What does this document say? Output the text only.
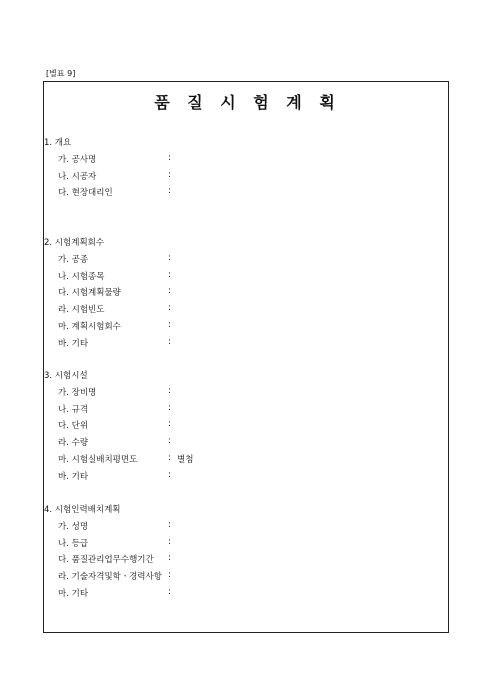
[별표 9]
품 질 시 험 계 획
1. 개요
가. 공사명	:
나. 시공자	:
다. 현장대리인	:
2. 시험계획회수
가. 공종	:
나. 시험종목	:
다. 시험계획물량	:
라. 시험빈도	:
마. 계획시험회수	:
바. 기타	:
3. 시험시설
가. 장비명	:
나. 규격	:
다. 단위	:
라. 수량	:
마. 시험실배치평면도	: 별첨
바. 기타	:
4. 시험인력배치계획
가. 성명	:
나. 등급	:
다. 품질관리업무수행기간 :
라. 기술자격및학ㆍ경력사항 :
마. 기타	:
